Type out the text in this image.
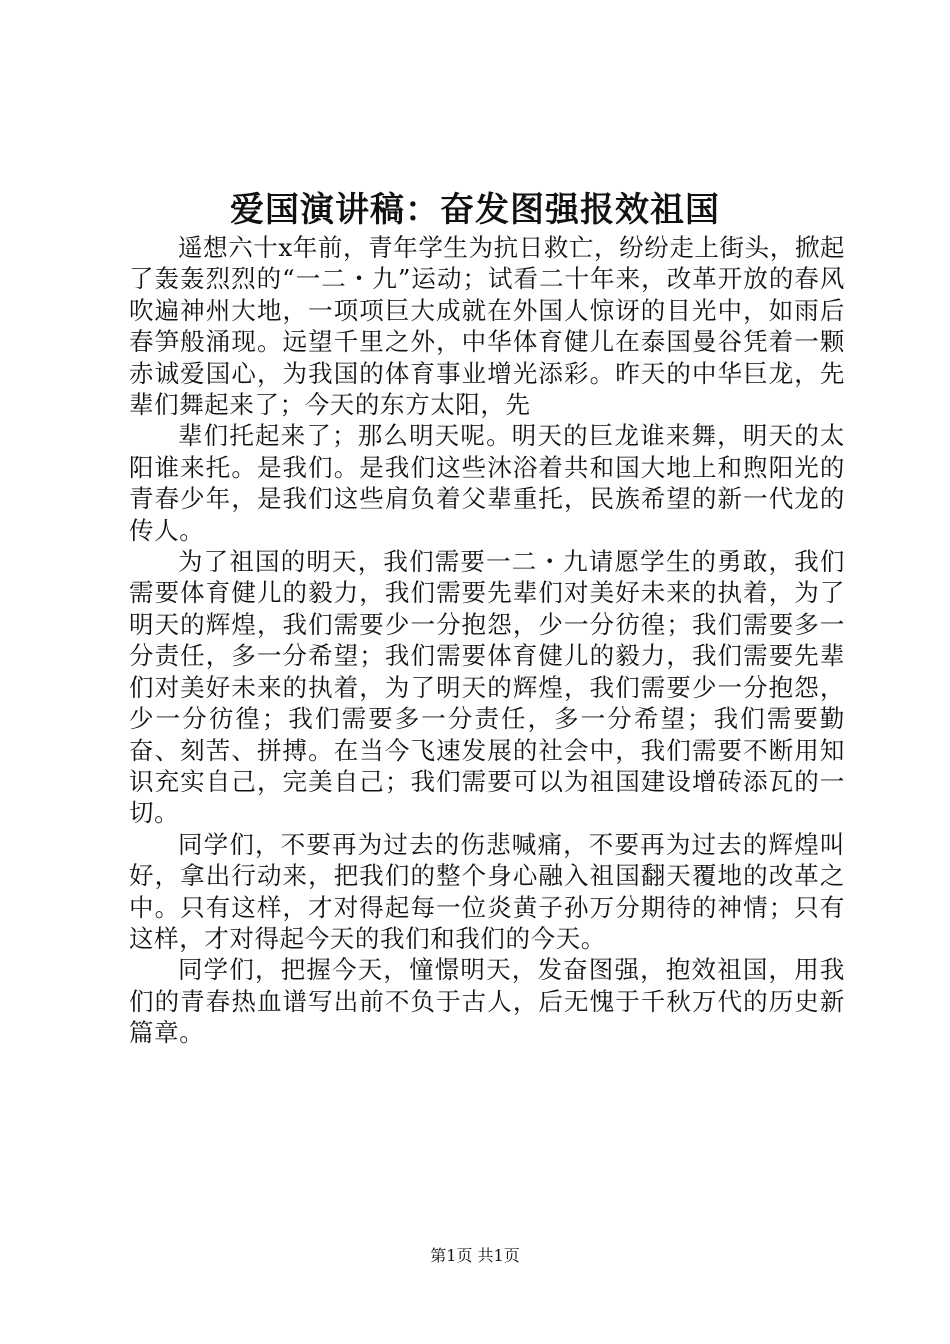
爱国演讲稿：奋发图强报效祖国

遥想六十x年前，青年学生为抗日救亡，纷纷走上街头，掀起了轰轰烈烈的“一二・九”运动；试看二十年来，改革开放的春风吹遍神州大地，一项项巨大成就在外国人惊讶的目光中，如雨后春笋般涌现。远望千里之外，中华体育健儿在泰国曼谷凭着一颗赤诚爱国心，为我国的体育事业增光添彩。昨天的中华巨龙，先辈们舞起来了；今天的东方太阳，先

辈们托起来了；那么明天呢。明天的巨龙谁来舞，明天的太阳谁来托。是我们。是我们这些沐浴着共和国大地上和煦阳光的青春少年，是我们这些肩负着父辈重托，民族希望的新一代龙的传人。

为了祖国的明天，我们需要一二・九请愿学生的勇敢，我们需要体育健儿的毅力，我们需要先辈们对美好未来的执着，为了明天的辉煌，我们需要少一分抱怨，少一分彷徨；我们需要多一分责任，多一分希望；我们需要体育健儿的毅力，我们需要先辈们对美好未来的执着，为了明天的辉煌，我们需要少一分抱怨，少一分彷徨；我们需要多一分责任，多一分希望；我们需要勤奋、刻苦、拼搏。在当今飞速发展的社会中，我们需要不断用知识充实自己，完美自己；我们需要可以为祖国建设增砖添瓦的一切。

同学们，不要再为过去的伤悲喊痛，不要再为过去的辉煌叫好，拿出行动来，把我们的整个身心融入祖国翻天覆地的改革之中。只有这样，才对得起每一位炎黄子孙万分期待的神情；只有这样，才对得起今天的我们和我们的今天。

同学们，把握今天，憧憬明天，发奋图强，抱效祖国，用我们的青春热血谱写出前不负于古人，后无愧于千秋万代的历史新篇章。

第1页 共1页
